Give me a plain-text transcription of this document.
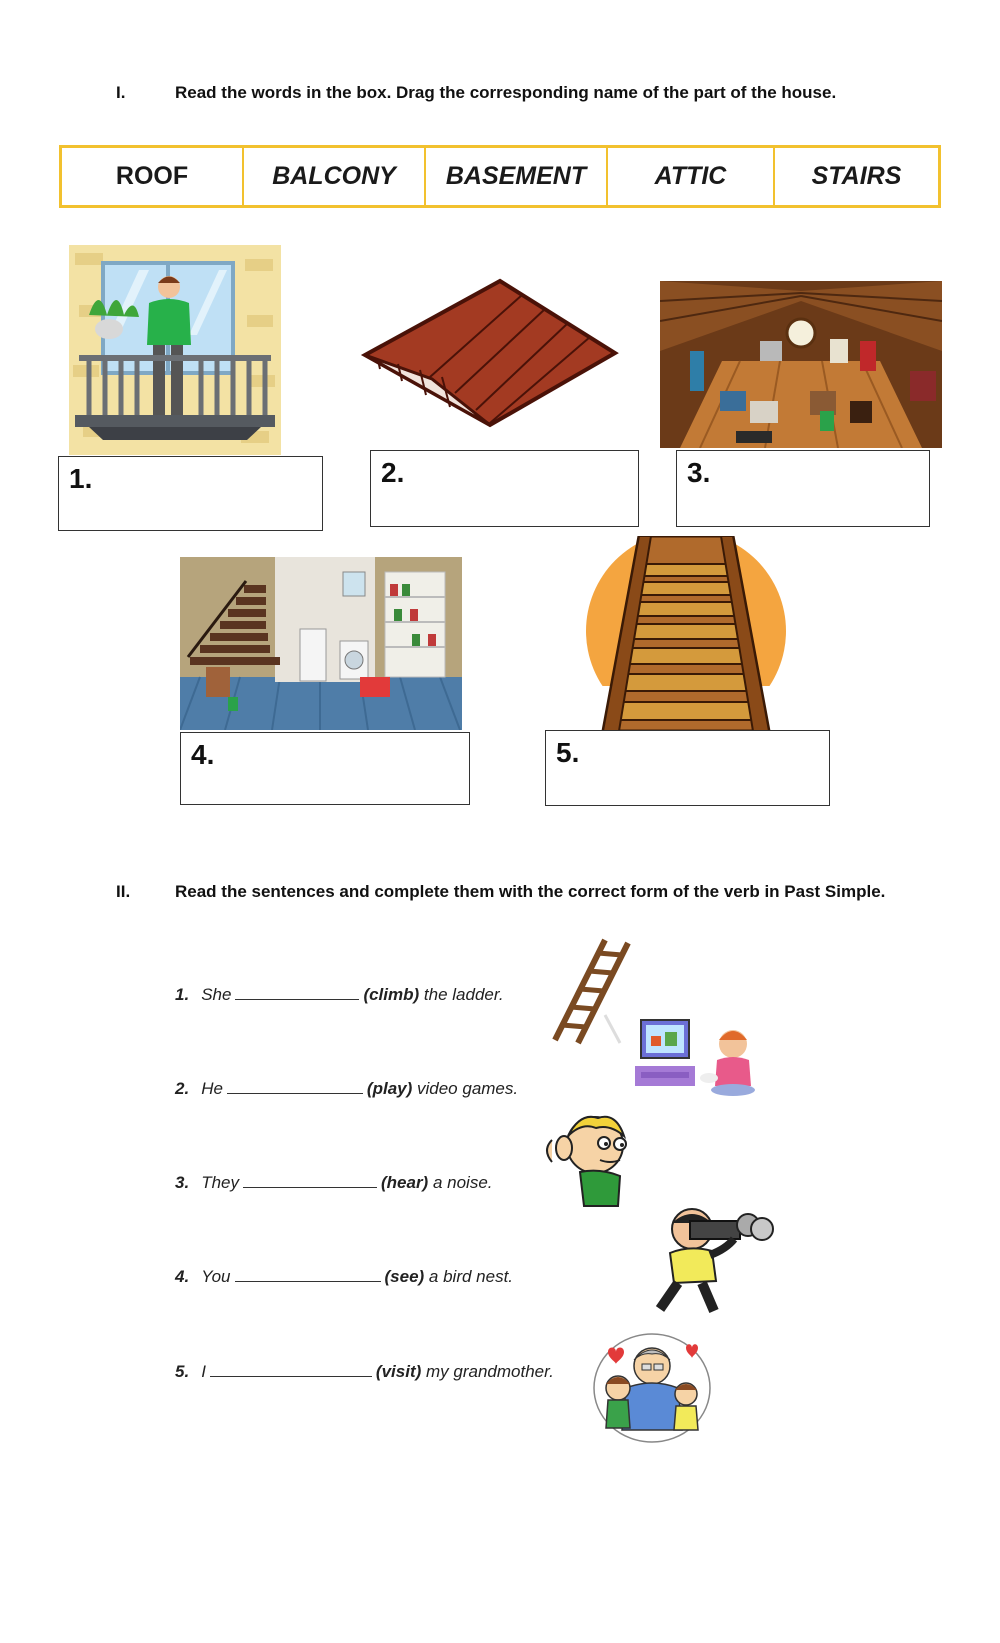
I.	Read the words in the box. Drag the corresponding name of the part of the house.
ROOF	BALCONY	BASEMENT	ATTIC	STAIRS
1.	2.	3.
4.	5.
II.	Read the sentences and complete them with the correct form of the verb in Past Simple.
1. She	(climb) the ladder.
2. He	(play) video games.
3. They	(hear) a noise.
4. You	(see) a bird nest.
5. I	(visit) my grandmother.
